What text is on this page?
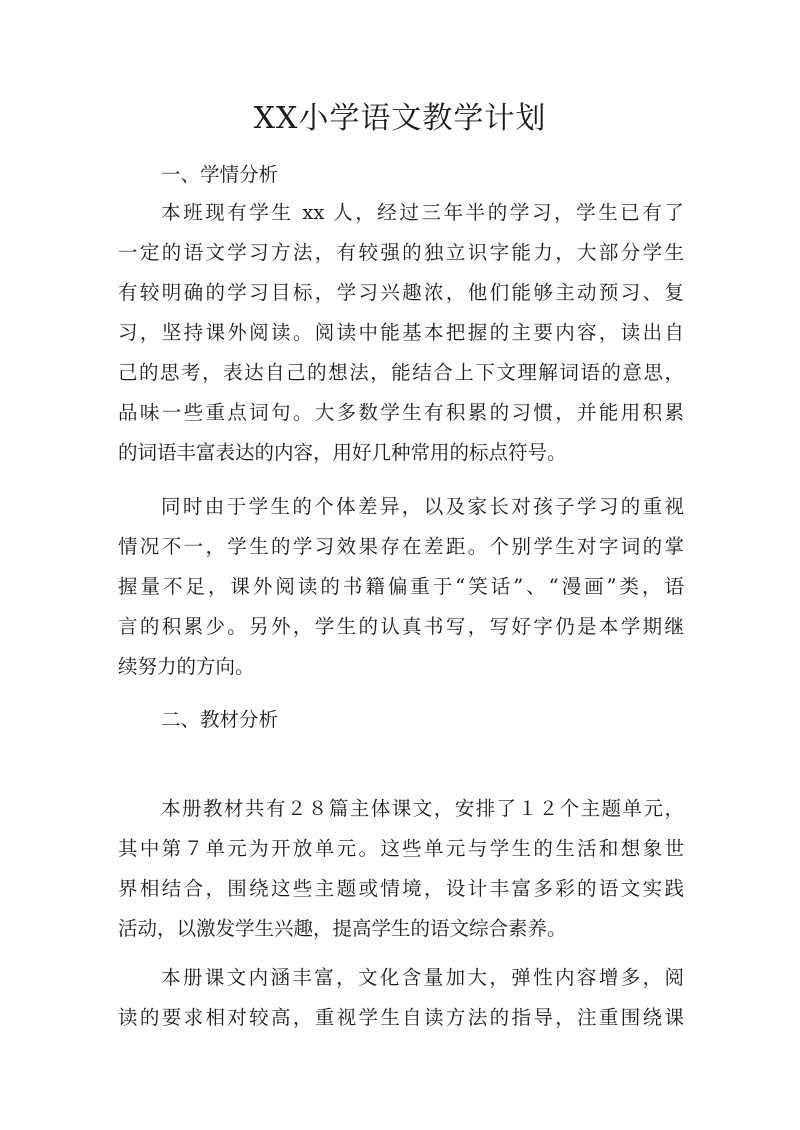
XX小学语文教学计划
一、学情分析
本班现有学生 xx 人，经过三年半的学习，学生已有了
一定的语文学习方法，有较强的独立识字能力，大部分学生
有较明确的学习目标，学习兴趣浓，他们能够主动预习、复
习，坚持课外阅读。阅读中能基本把握的主要内容，读出自
己的思考，表达自己的想法，能结合上下文理解词语的意思，
品味一些重点词句。大多数学生有积累的习惯，并能用积累
的词语丰富表达的内容，用好几种常用的标点符号。
同时由于学生的个体差异，以及家长对孩子学习的重视
情况不一，学生的学习效果存在差距。个别学生对字词的掌
握量不足，课外阅读的书籍偏重于“笑话”、“漫画”类，语
言的积累少。另外，学生的认真书写，写好字仍是本学期继
续努力的方向。
二、教材分析
本册教材共有２８篇主体课文，安排了１２个主题单元，
其中第７单元为开放单元。这些单元与学生的生活和想象世
界相结合，围绕这些主题或情境，设计丰富多彩的语文实践
活动，以激发学生兴趣，提高学生的语文综合素养。
本册课文内涵丰富，文化含量加大，弹性内容增多，阅
读的要求相对较高，重视学生自读方法的指导，注重围绕课
